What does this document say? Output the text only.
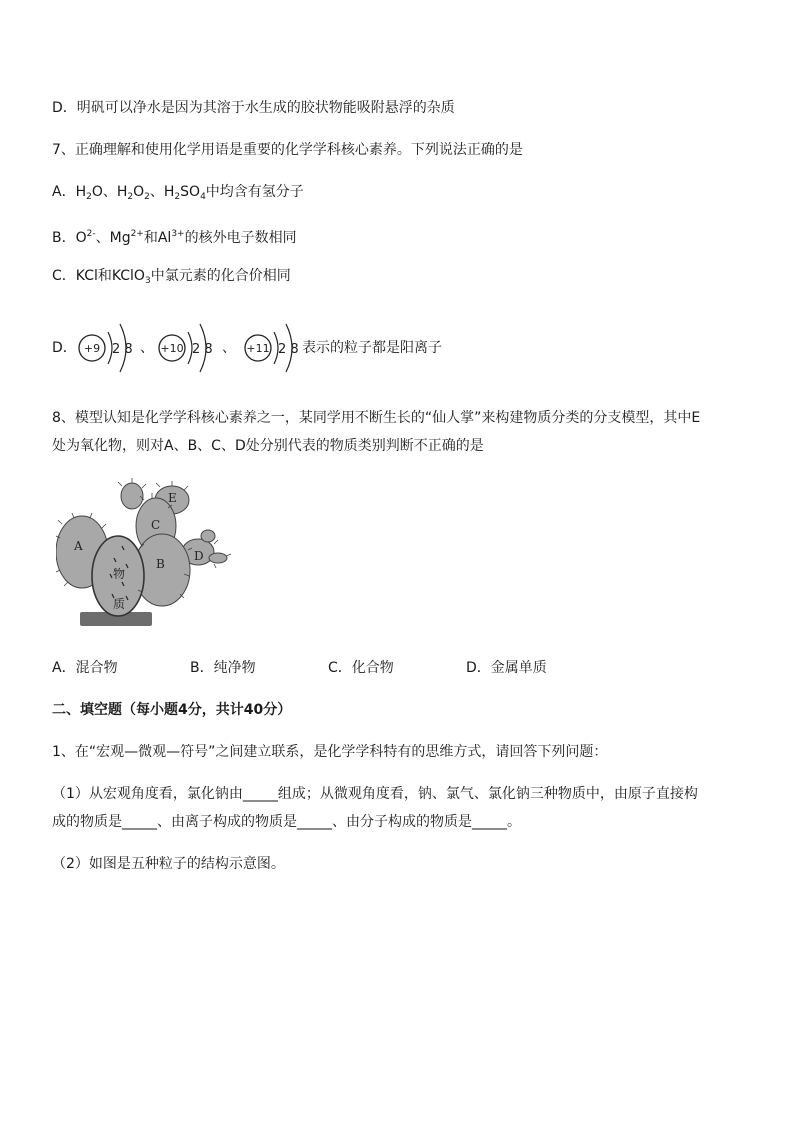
D．明矾可以净水是因为其溶于水生成的胶状物能吸附悬浮的杂质
7、正确理解和使用化学用语是重要的化学学科核心素养。下列说法正确的是
A．$H_2O$、$H_2O_2$、$H_2SO_4$中均含有氢分子
B．$O^{2-}$、$Mg^{2+}$和$Al^{3+}$的核外电子数相同
C．KCl和KClO$_3$中氯元素的化合价相同
D． +9 2 8 、 +10 2 8 、 +11 2 8 表示的粒子都是阳离子
8、模型认知是化学学科核心素养之一，某同学用不断生长的“仙人掌”来构建物质分类的分支模型，其中E
处为氧化物，则对A、B、C、D处分别代表的物质类别判断不正确的是
A
B
C
D
E
物
质
A．混合物	B．纯净物	C．化合物	D．金属单质
二、填空题（每小题4分，共计40分）
1、在“宏观—微观—符号”之间建立联系，是化学学科特有的思维方式，请回答下列问题：
（1）从宏观角度看，氯化钠由_____组成；从微观角度看，钠、氯气、氯化钠三种物质中，由原子直接构
成的物质是_____、由离子构成的物质是_____、由分子构成的物质是_____。
（2）如图是五种粒子的结构示意图。
